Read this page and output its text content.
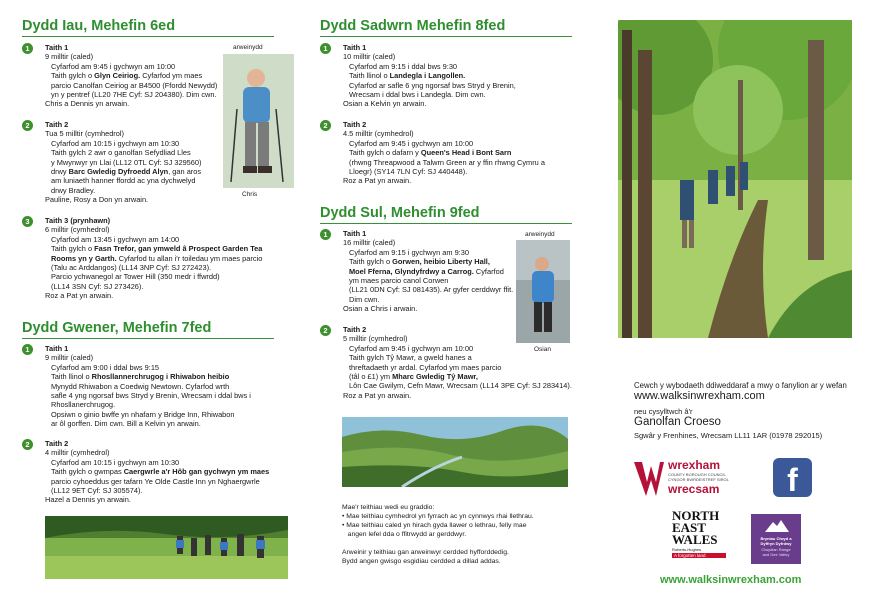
Dydd Iau, Mehefin 6ed
arweinydd
Chris
1	Taith 1
9 milltir (caled)
Cyfarfod am 9:45 i gychwyn am 10:00
Taith gylch o Glyn Ceiriog. Cyfarfod ym maes
parcio Canolfan Ceiriog ar B4500 (Ffordd Newydd)
yn y pentref (LL20 7HE Cyf: SJ 204380). Dim cwn.
Chris a Dennis yn arwain.
2	Taith 2
Tua 5 milltir (cymhedrol)
Cyfarfod am 10:15 i gychwyn am 10:30
Taith gylch 2 awr o ganolfan Sefydliad Lles
y Mwynwyr yn Llai (LL12 0TL Cyf: SJ 329560)
drwy Barc Gwledig Dyfroedd Alyn, gan aros
am luniaeth hanner ffordd ac yna dychwelyd
drwy Bradley.
Pauline, Rosy a Don yn arwain.
3	Taith 3 (prynhawn)
6 milltir (cymhedrol)
Cyfarfod am 13:45 i gychwyn am 14:00
Taith gylch o Fasn Trefor, gan ymweld â Prospect Garden Tea
Rooms yn y Garth. Cyfarfod tu allan i'r toiledau ym maes parcio
(Talu ac Arddangos) (LL14 3NP Cyf: SJ 272423).
Parcio ychwanegol ar Tower Hill (350 medr i ffwrdd)
(LL14 3SN Cyf: SJ 273426).
Roz a Pat yn arwain.
Dydd Gwener, Mehefin 7fed
1	Taith 1
9 milltir (caled)
Cyfarfod am 9:00 i ddal bws 9:15
Taith llinol o Rhosllannerchrugog i Rhiwabon heibio
Mynydd Rhiwabon a Coedwig Newtown. Cyfarfod wrth
safle 4 yng ngorsaf bws Stryd y Brenin, Wrecsam i ddal bws i
Rhosllanerchrugog.
Opsiwn o ginio bwffe yn nhafarn y Bridge Inn, Rhiwabon
ar ôl gorffen. Dim cwn. Bill a Kelvin yn arwain.
2	Taith 2
4 milltir (cymhedrol)
Cyfarfod am 10:15 i gychwyn am 10:30
Taith gylch o gwmpas Caergwrle a'r Hôb gan gychwyn ym maes
parcio cyhoeddus ger tafarn Ye Olde Castle Inn yn Nghaergwrle
(LL12 9ET Cyf: SJ 305574).
Hazel a Dennis yn arwain.
Dydd Sadwrn Mehefin 8fed
1	Taith 1
10 milltir (caled)
Cyfarfod am 9:15 i ddal bws 9:30
Taith llinol o Landegla i Langollen.
Cyfarfod ar safle 6 yng ngorsaf bws Stryd y Brenin,
Wrecsam i ddal bws i Landegla. Dim cwn.
Osian a Kelvin yn arwain.
2	Taith 2
4.5 milltir (cymhedrol)
Cyfarfod am 9:45 i gychwyn am 10:00
Taith gylch o dafarn y Queen's Head i Bont Sarn
(rhwng Threapwood a Talwrn Green ar y ffin rhwng Cymru a
Lloegr) (SY14 7LN Cyf: SJ 440448).
Roz a Pat yn arwain.
Dydd Sul, Mehefin 9fed
arweinydd
Osian
1	Taith 1
16 milltir (caled)
Cyfarfod am 9:15 i gychwyn am 9:30
Taith gylch o Gorwen, heibio Liberty Hall,
Moel Fferna, Glyndyfrdwy a Carrog. Cyfarfod
ym maes parcio canol Corwen
(LL21 0DN Cyf: SJ 081435). Ar gyfer cerddwyr ffit.
Dim cwn.
Osian a Chris i arwain.
2	Taith 2
5 milltir (cymhedrol)
Cyfarfod am 9:45 i gychwyn am 10:00
Taith gylch Tŷ Mawr, a gweld hanes a
threftadaeth yr ardal. Cyfarfod ym maes parcio
(tâl o £1) ym Mharc Gwledig Tŷ Mawr,
Lôn Cae Gwilym, Cefn Mawr, Wrecsam (LL14 3PE Cyf: SJ 283414).
Roz a Pat yn arwain.
Mae'r teithiau wedi eu graddio:
• Mae teithiau cymhedrol yn fyrrach ac yn cynnwys rhai llethrau.
• Mae teithiau caled yn hirach gyda llawer o lethrau, felly mae
angen lefel dda o ffitrwydd ar gerddwyr.

Arweinir y teithiau gan arweinwyr cerdded hyfforddedig.
Bydd angen gwisgo esgidiau cerdded a dillad addas.
Cewch y wybodaeth ddiweddaraf a mwy o fanylion ar y wefan
www.walksinwrexham.com
neu cysylltwch â'r
Ganolfan Croeso
Sgwâr y Frenhines, Wrecsam LL11 1AR (01978 292015)
wrexham
COUNTY BOROUGH COUNCIL
CYNGOR BWRDEISTREF SIROL
wrecsam	f
NORTH
EAST
WALES
Roberts-Hughes
A forgotten land
Bryniau Clwyd a
Dyffryn Dyfrdwy
Clwydian Range
and Dee Valley
www.walksinwrexham.com
